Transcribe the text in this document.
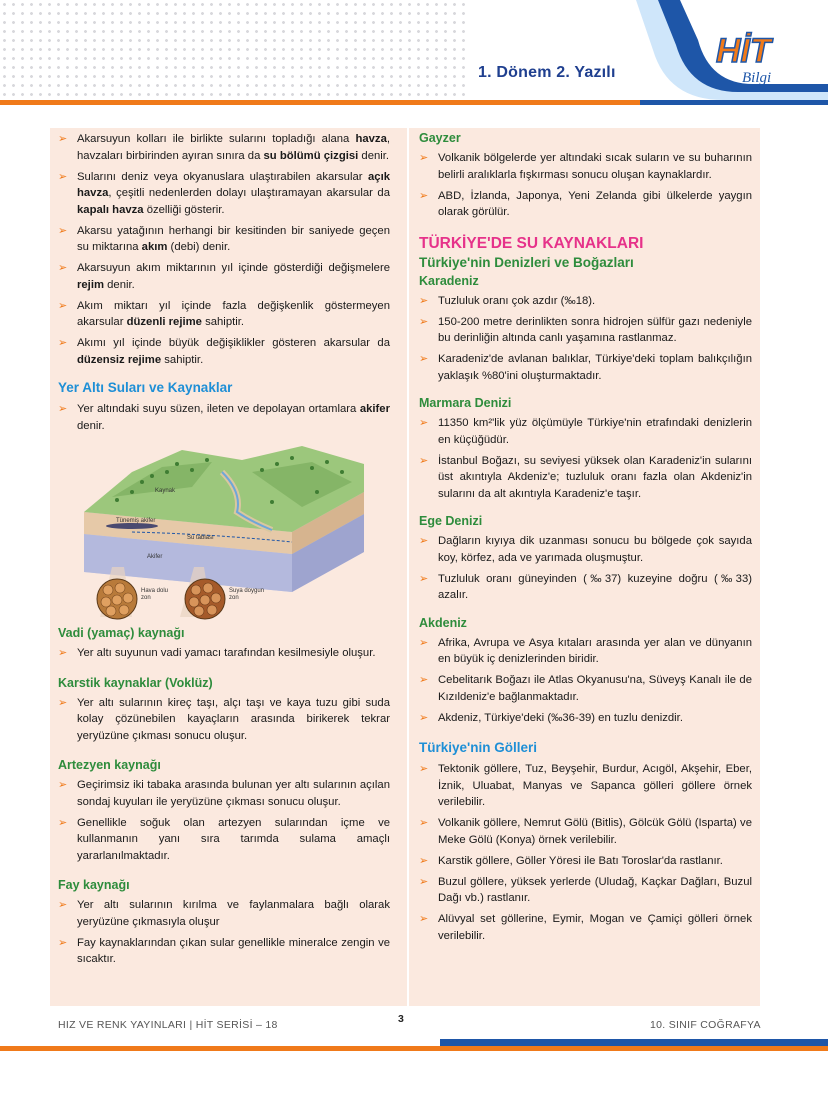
1. Dönem 2. Yazılı
HİT
Bilgi
➢ Akarsuyun kolları ile birlikte sularını topladığı alana havza, havzaları birbirinden ayıran sınıra da su bölümü çizgisi denir.
➢ Sularını deniz veya okyanuslara ulaştırabilen akarsular açık havza, çeşitli nedenlerden dolayı ulaştıramayan akarsular da kapalı havza özelliği gösterir.
➢ Akarsu yatağının herhangi bir kesitinden bir saniyede geçen su miktarına akım (debi) denir.
➢ Akarsuyun akım miktarının yıl içinde gösterdiği değişmelere rejim denir.
➢ Akım miktarı yıl içinde fazla değişkenlik göstermeyen akarsular düzenli rejime sahiptir.
➢ Akımı yıl içinde büyük değişiklikler gösteren akarsular da düzensiz rejime sahiptir.
Yer Altı Suları ve Kaynaklar
➢ Yer altındaki suyu süzen, ileten ve depolayan ortamlara akifer denir.
Kaynak
Tünemiş akifer
Su tablası
Akifer
Hava dolu zon
Suya doygun zon
Vadi (yamaç) kaynağı
➢ Yer altı suyunun vadi yamacı tarafından kesilmesiyle oluşur.
Karstik kaynaklar (Voklüz)
➢ Yer altı sularının kireç taşı, alçı taşı ve kaya tuzu gibi suda kolay çözünebilen kayaçların arasında birikerek tekrar yeryüzüne çıkması sonucu oluşur.
Artezyen kaynağı
➢ Geçirimsiz iki tabaka arasında bulunan yer altı sularının açılan sondaj kuyuları ile yeryüzüne çıkması sonucu oluşur.
➢ Genellikle soğuk olan artezyen sularından içme ve kullanmanın yanı sıra tarımda sulama amaçlı yararlanılmaktadır.
Fay kaynağı
➢ Yer altı sularının kırılma ve faylanmalara bağlı olarak yeryüzüne çıkmasıyla oluşur
➢ Fay kaynaklarından çıkan sular genellikle mineralce zengin ve sıcaktır.
Gayzer
➢ Volkanik bölgelerde yer altındaki sıcak suların ve su buharının belirli aralıklarla fışkırması sonucu oluşan kaynaklardır.
➢ ABD, İzlanda, Japonya, Yeni Zelanda gibi ülkelerde yaygın olarak görülür.
TÜRKİYE'DE SU KAYNAKLARI
Türkiye'nin Denizleri ve Boğazları
Karadeniz
➢ Tuzluluk oranı çok azdır (‰18).
➢ 150-200 metre derinlikten sonra hidrojen sülfür gazı nedeniyle bu derinliğin altında canlı yaşamına rastlanmaz.
➢ Karadeniz'de avlanan balıklar, Türkiye'deki toplam balıkçılığın yaklaşık %80'ini oluşturmaktadır.
Marmara Denizi
➢ 11350 km²'lik yüz ölçümüyle Türkiye'nin etrafındaki denizlerin en küçüğüdür.
➢ İstanbul Boğazı, su seviyesi yüksek olan Karadeniz'in sularını üst akıntıyla Akdeniz'e; tuzluluk oranı fazla olan Akdeniz'in sularını da alt akıntıyla Karadeniz'e taşır.
Ege Denizi
➢ Dağların kıyıya dik uzanması sonucu bu bölgede çok sayıda koy, körfez, ada ve yarımada oluşmuştur.
➢ Tuzluluk oranı güneyinden (‰37) kuzeyine doğru (‰33) azalır.
Akdeniz
➢ Afrika, Avrupa ve Asya kıtaları arasında yer alan ve dünyanın en büyük iç denizlerinden biridir.
➢ Cebelitarık Boğazı ile Atlas Okyanusu'na, Süveyş Kanalı ile de Kızıldeniz'e bağlanmaktadır.
➢ Akdeniz, Türkiye'deki (‰36-39) en tuzlu denizdir.
Türkiye'nin Gölleri
➢ Tektonik göllere, Tuz, Beyşehir, Burdur, Acıgöl, Akşehir, Eber, İznik, Uluabat, Manyas ve Sapanca gölleri göllere örnek verilebilir.
➢ Volkanik göllere, Nemrut Gölü (Bitlis), Gölcük Gölü (Isparta) ve Meke Gölü (Konya) örnek verilebilir.
➢ Karstik göllere, Göller Yöresi ile Batı Toroslar'da rastlanır.
➢ Buzul göllere, yüksek yerlerde (Uludağ, Kaçkar Dağları, Buzul Dağı vb.) rastlanır.
➢ Alüvyal set göllerine, Eymir, Mogan ve Çamiçi gölleri örnek verilebilir.
HIZ VE RENK YAYINLARI | HİT SERİSİ – 18	3	10. SINIF COĞRAFYA
